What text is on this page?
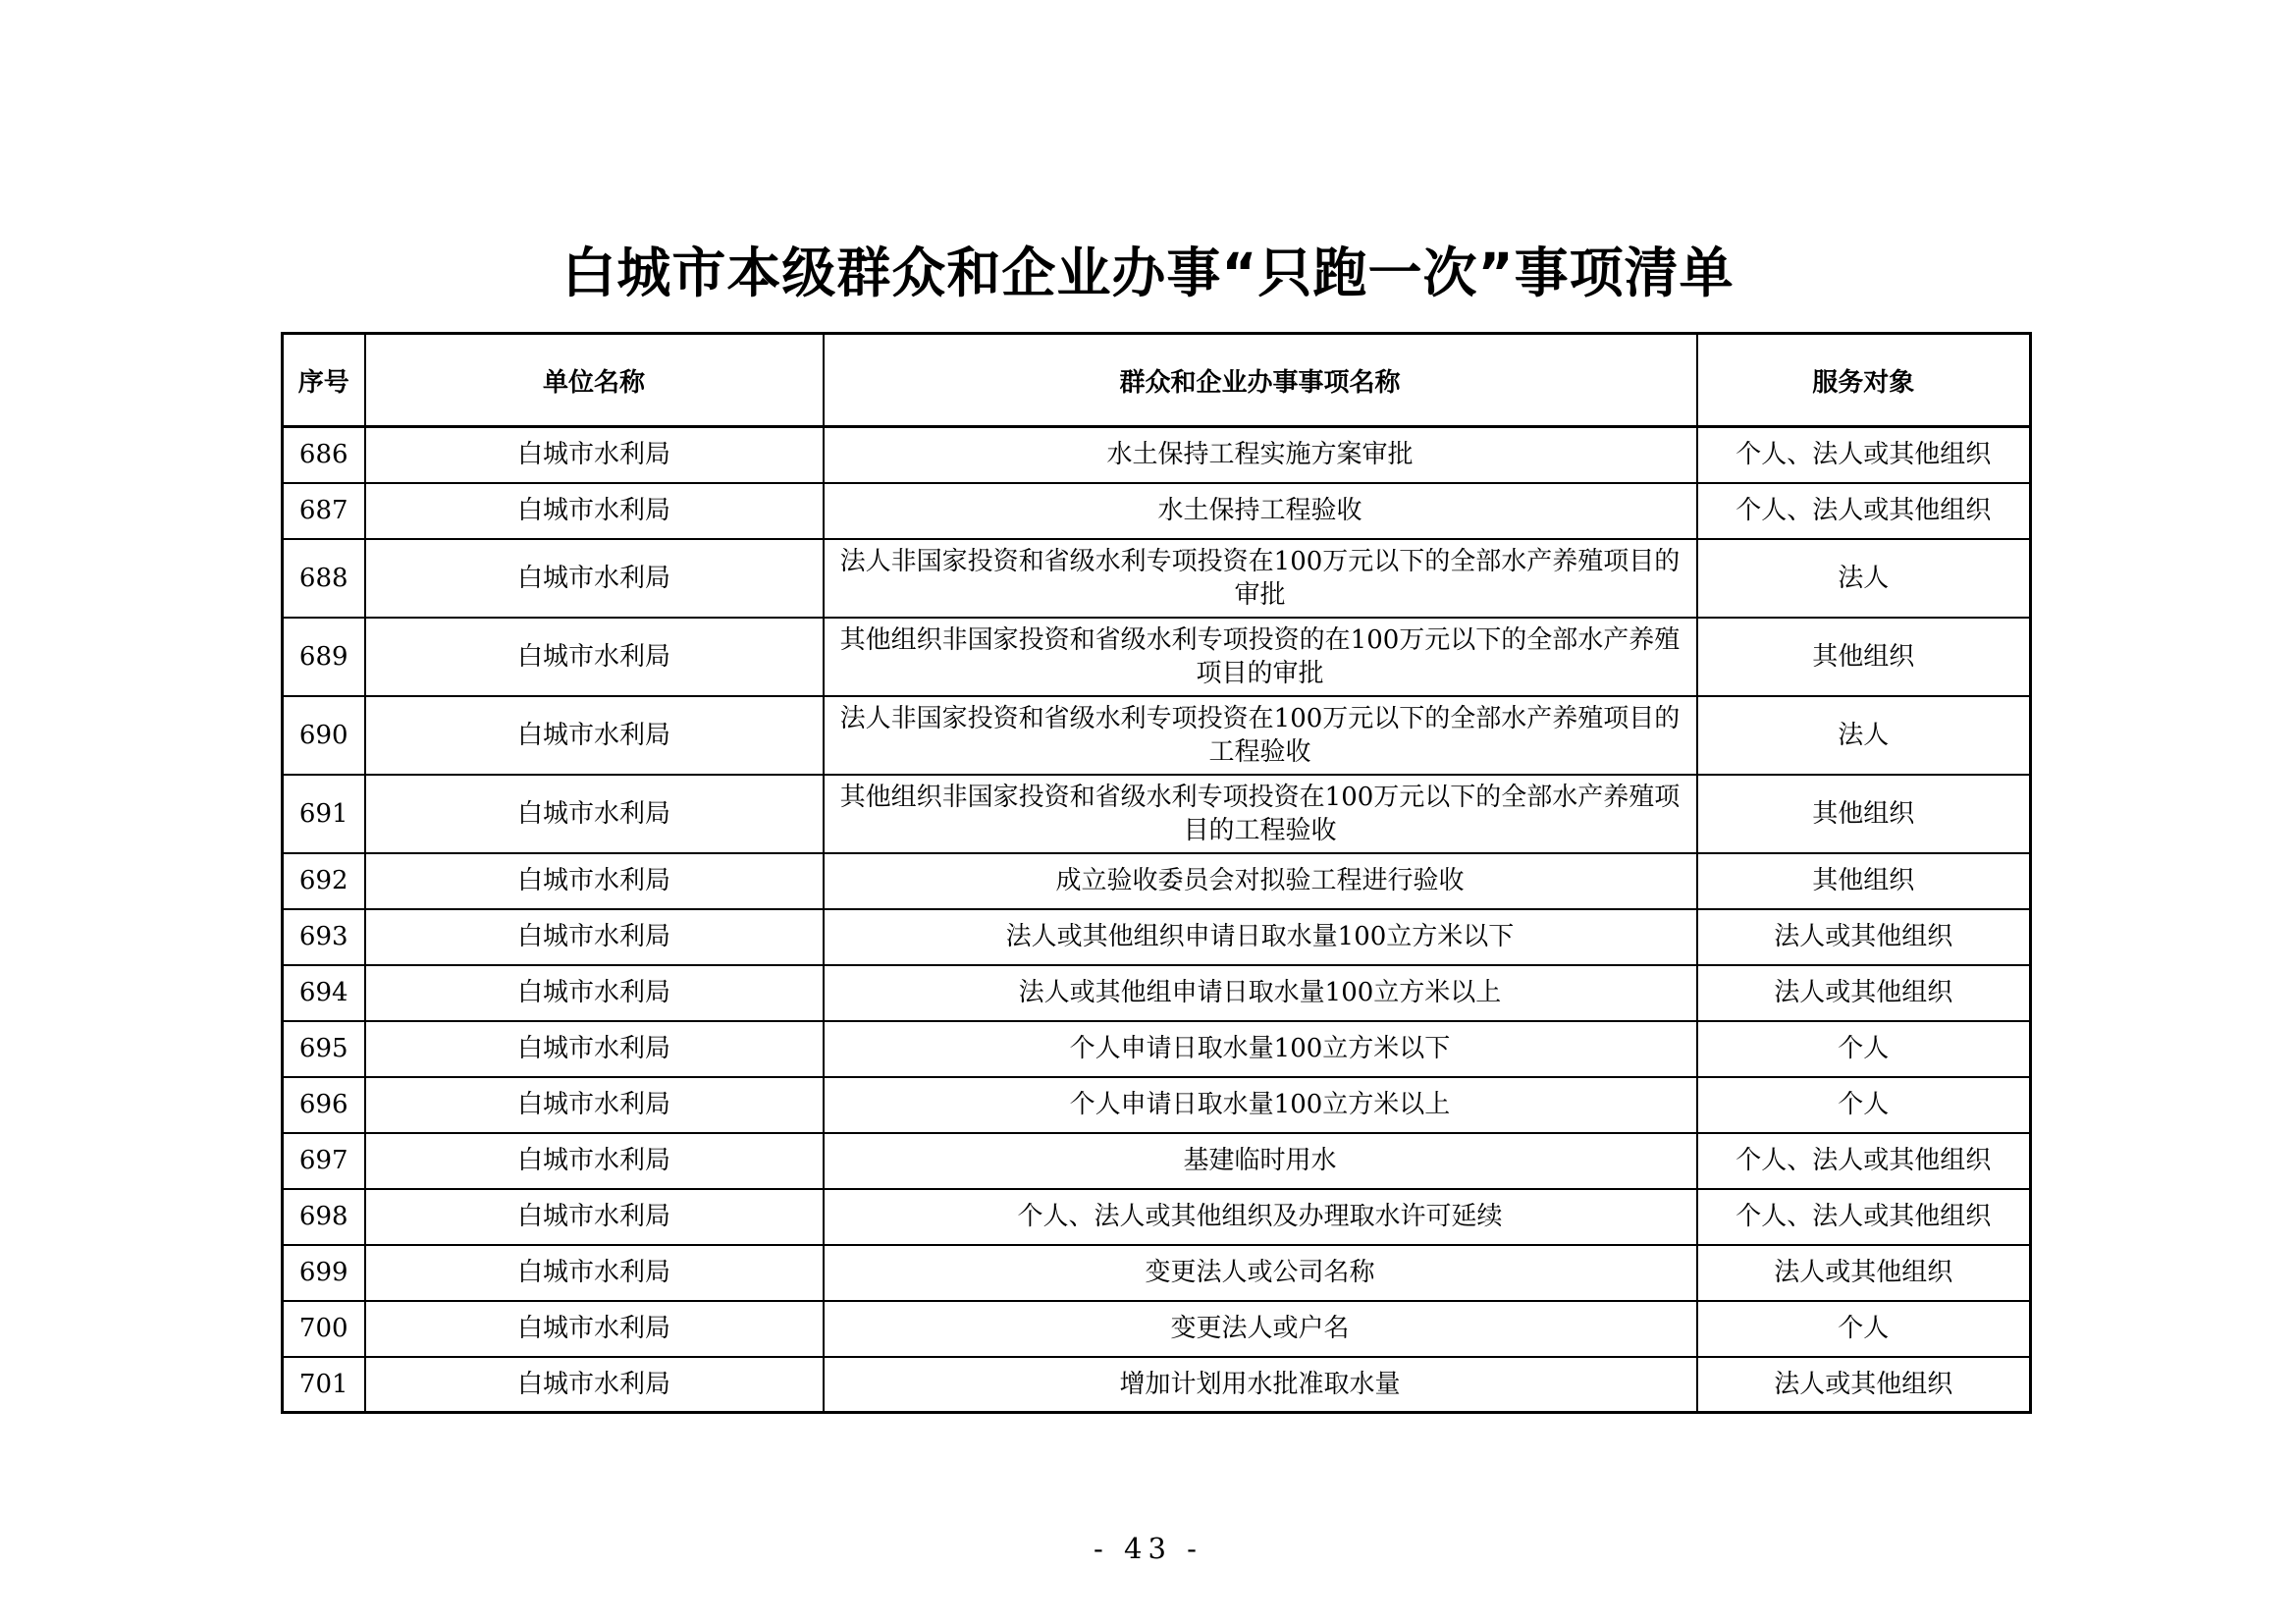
白城市本级群众和企业办事“只跑一次”事项清单
序号	单位名称	群众和企业办事事项名称	服务对象
686	白城市水利局	水土保持工程实施方案审批	个人、法人或其他组织
687	白城市水利局	水土保持工程验收	个人、法人或其他组织
688	白城市水利局	法人非国家投资和省级水利专项投资在100万元以下的全部水产养殖项目的审批	法人
689	白城市水利局	其他组织非国家投资和省级水利专项投资的在100万元以下的全部水产养殖项目的审批	其他组织
690	白城市水利局	法人非国家投资和省级水利专项投资在100万元以下的全部水产养殖项目的工程验收	法人
691	白城市水利局	其他组织非国家投资和省级水利专项投资在100万元以下的全部水产养殖项目的工程验收	其他组织
692	白城市水利局	成立验收委员会对拟验工程进行验收	其他组织
693	白城市水利局	法人或其他组织申请日取水量100立方米以下	法人或其他组织
694	白城市水利局	法人或其他组申请日取水量100立方米以上	法人或其他组织
695	白城市水利局	个人申请日取水量100立方米以下	个人
696	白城市水利局	个人申请日取水量100立方米以上	个人
697	白城市水利局	基建临时用水	个人、法人或其他组织
698	白城市水利局	个人、法人或其他组织及办理取水许可延续	个人、法人或其他组织
699	白城市水利局	变更法人或公司名称	法人或其他组织
700	白城市水利局	变更法人或户名	个人
701	白城市水利局	增加计划用水批准取水量	法人或其他组织
- 43 -
